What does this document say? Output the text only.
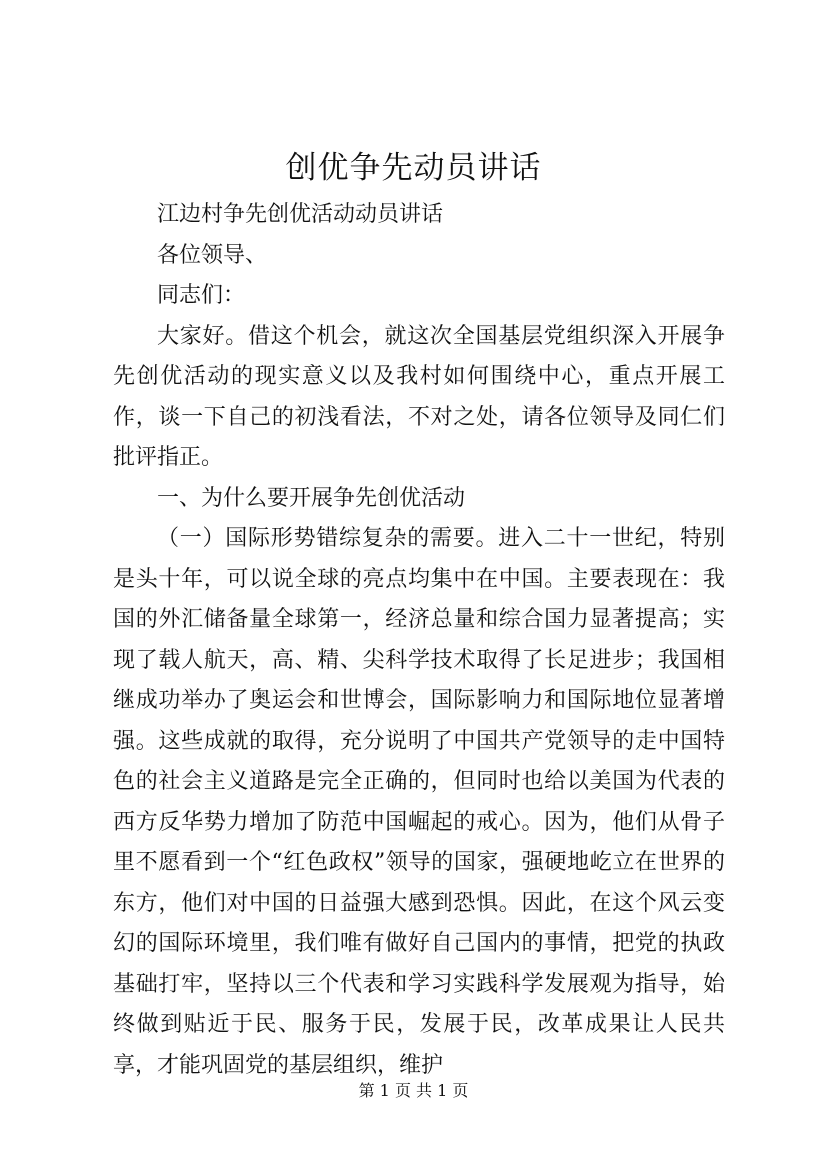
创优争先动员讲话

江边村争先创优活动动员讲话

各位领导、

同志们：

大家好。借这个机会，就这次全国基层党组织深入开展争先创优活动的现实意义以及我村如何围绕中心，重点开展工作，谈一下自己的初浅看法，不对之处，请各位领导及同仁们批评指正。

一、为什么要开展争先创优活动

（一）国际形势错综复杂的需要。进入二十一世纪，特别是头十年，可以说全球的亮点均集中在中国。主要表现在：我国的外汇储备量全球第一，经济总量和综合国力显著提高；实现了载人航天，高、精、尖科学技术取得了长足进步；我国相继成功举办了奥运会和世博会，国际影响力和国际地位显著增强。这些成就的取得，充分说明了中国共产党领导的走中国特色的社会主义道路是完全正确的，但同时也给以美国为代表的西方反华势力增加了防范中国崛起的戒心。因为，他们从骨子里不愿看到一个“红色政权”领导的国家，强硬地屹立在世界的东方，他们对中国的日益强大感到恐惧。因此，在这个风云变幻的国际环境里，我们唯有做好自己国内的事情，把党的执政基础打牢，坚持以三个代表和学习实践科学发展观为指导，始终做到贴近于民、服务于民，发展于民，改革成果让人民共享，才能巩固党的基层组织，维护

第 1 页 共 1 页
